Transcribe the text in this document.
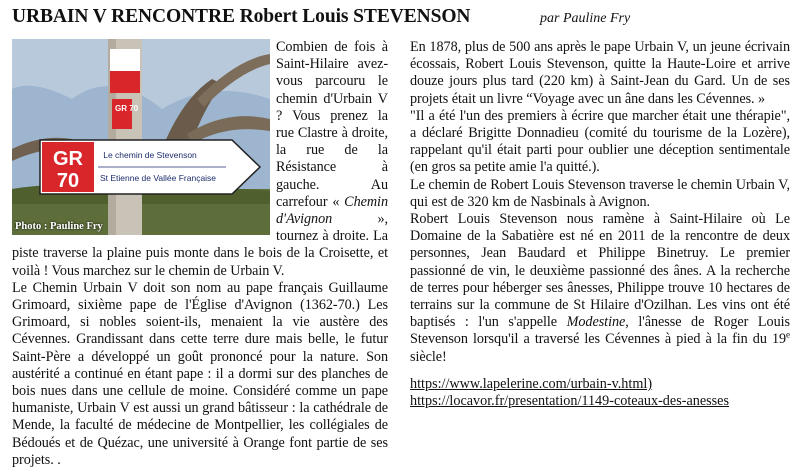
URBAIN V RENCONTRE Robert Louis STEVENSON	par Pauline Fry
GR 70
GR
70
Le chemin de Stevenson
St Etienne de Vallée Française
Photo : Pauline Fry

Combien de fois à Saint-Hilaire avez-vous parcouru le chemin d'Urbain V ? Vous prenez la rue Clastre à droite, la rue de la Résistance à gauche. Au carrefour « Chemin d'Avignon », tournez à droite. La piste traverse la plaine puis monte dans le bois de la Croisette, et voilà ! Vous marchez sur le chemin de Urbain V.

Le Chemin Urbain V doit son nom au pape français Guillaume Grimoard, sixième pape de l'Église d'Avignon (1362-70.) Les Grimoard, si nobles soient-ils, menaient la vie austère des Cévennes. Grandissant dans cette terre dure mais belle, le futur Saint-Père a développé un goût prononcé pour la nature. Son austérité a continué en étant pape : il a dormi sur des planches de bois nues dans une cellule de moine. Considéré comme un pape humaniste, Urbain V est aussi un grand bâtisseur : la cathédrale de Mende, la faculté de médecine de Montpellier, les collégiales de Bédoués et de Quézac, une université à Orange font partie de ses projets. .

En 1878, plus de 500 ans après le pape Urbain V, un jeune écrivain écossais, Robert Louis Stevenson, quitte la Haute-Loire et arrive douze jours plus tard (220 km) à Saint-Jean du Gard. Un de ses projets était un livre “Voyage avec un âne dans les Cévennes. »

"Il a été l'un des premiers à écrire que marcher était une thérapie", a déclaré Brigitte Donnadieu (comité du tourisme de la Lozère), rappelant qu'il était parti pour oublier une déception sentimentale (en gros sa petite amie l'a quitté.).

Le chemin de Robert Louis Stevenson traverse le chemin Urbain V, qui est de 320 km de Nasbinals à Avignon.

Robert Louis Stevenson nous ramène à Saint-Hilaire où Le Domaine de la Sabatière est né en 2011 de la rencontre de deux personnes, Jean Baudard et Philippe Binetruy. Le premier passionné de vin, le deuxième passionné des ânes. A la recherche de terres pour héberger ses ânesses, Philippe trouve 10 hectares de terrains sur la commune de St Hilaire d'Ozilhan. Les vins ont été baptisés : l'un s'appelle Modestine, l'ânesse de Roger Louis Stevenson lorsqu'il a traversé les Cévennes à pied à la fin du 19e siècle!

https://www.lapelerine.com/urbain-v.html)
https://locavor.fr/presentation/1149-coteaux-des-anesses
